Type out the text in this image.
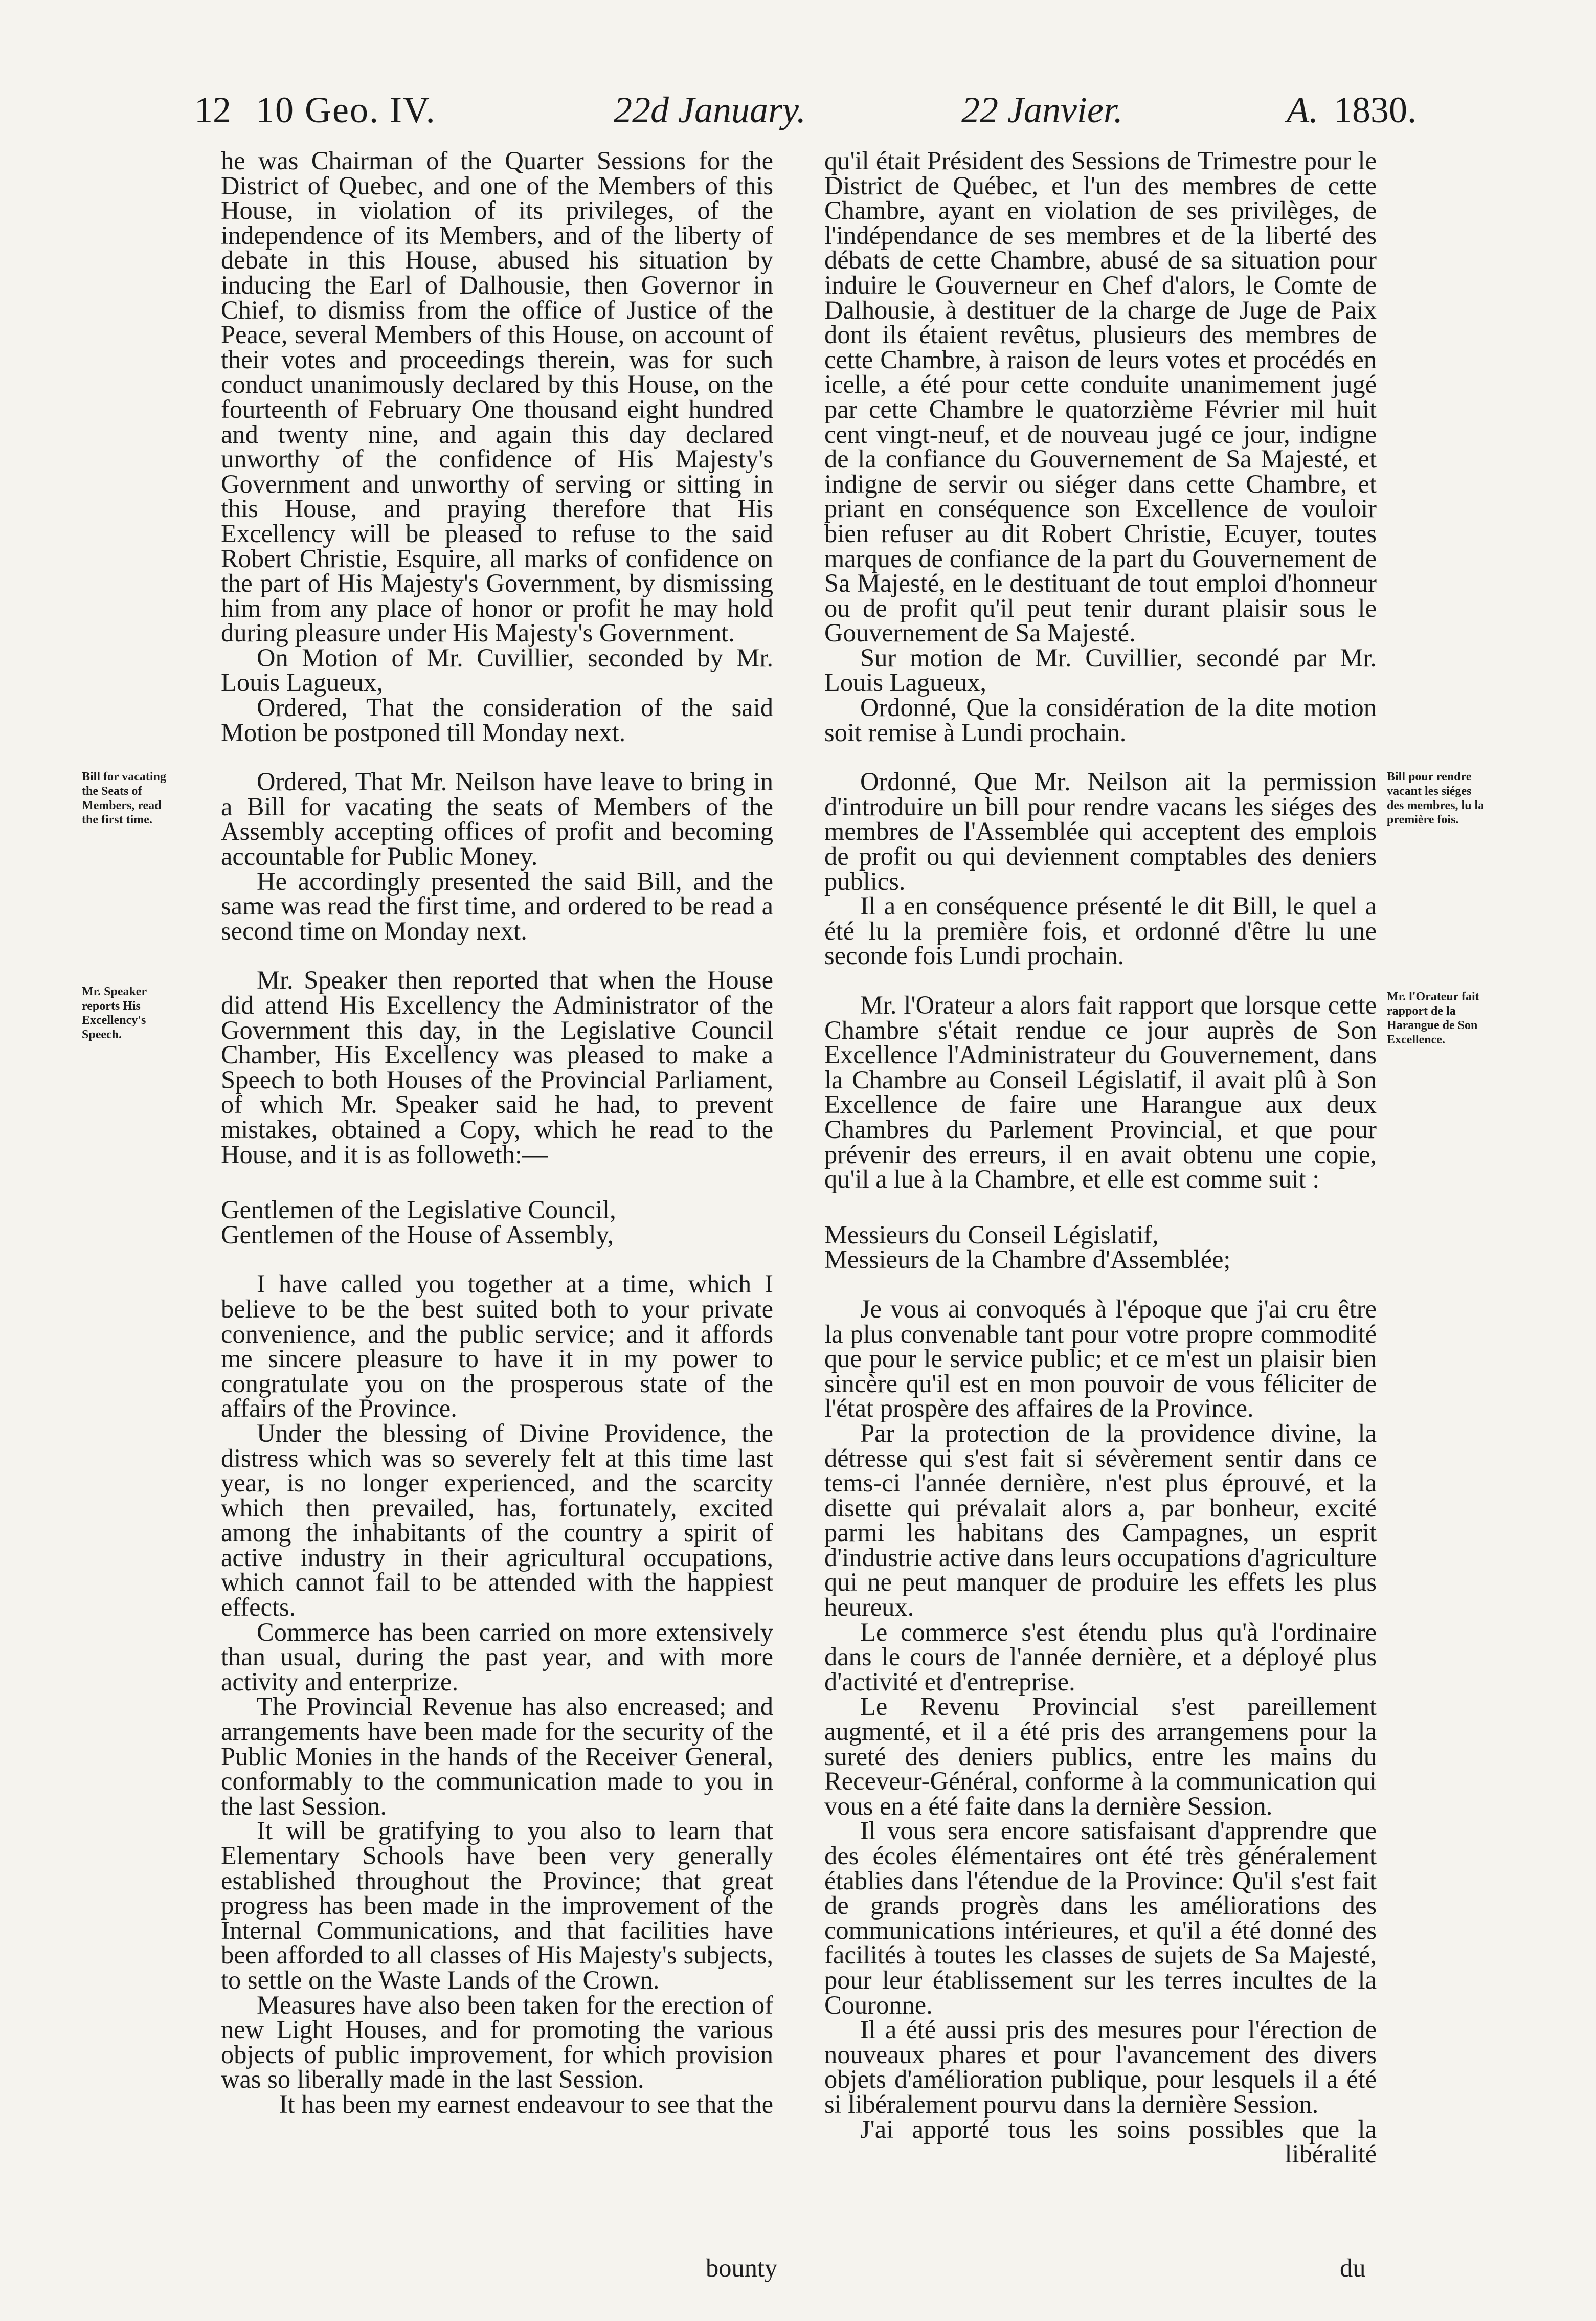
12 10 Geo. IV.	22d January.	22 Janvier.	A. 1830.

he was Chairman of the Quarter Sessions for the District of Quebec, and one of the Members of this House, in violation of its privileges, of the independence of its Members, and of the liberty of debate in this House, abused his situation by inducing the Earl of Dalhousie, then Governor in Chief, to dismiss from the office of Justice of the Peace, several Members of this House, on account of their votes and proceedings therein, was for such conduct unanimously declared by this House, on the fourteenth of February One thousand eight hundred and twenty nine, and again this day declared unworthy of the confidence of His Majesty's Government and unworthy of serving or sitting in this House, and praying therefore that His Excellency will be pleased to refuse to the said Robert Christie, Esquire, all marks of confidence on the part of His Majesty's Government, by dismissing him from any place of honor or profit he may hold during pleasure under His Majesty's Government.

On Motion of Mr. Cuvillier, seconded by Mr. Louis Lagueux,

Ordered, That the consideration of the said Motion be postponed till Monday next.

Ordered, That Mr. Neilson have leave to bring in a Bill for vacating the seats of Members of the Assembly accepting offices of profit and becoming accountable for Public Money.

He accordingly presented the said Bill, and the same was read the first time, and ordered to be read a second time on Monday next.

Mr. Speaker then reported that when the House did attend His Excellency the Administrator of the Government this day, in the Legislative Council Chamber, His Excellency was pleased to make a Speech to both Houses of the Provincial Parliament, of which Mr. Speaker said he had, to prevent mistakes, obtained a Copy, which he read to the House, and it is as followeth:—

Gentlemen of the Legislative Council,

Gentlemen of the House of Assembly,

I have called you together at a time, which I believe to be the best suited both to your private convenience, and the public service; and it affords me sincere pleasure to have it in my power to congratulate you on the prosperous state of the affairs of the Province.

Under the blessing of Divine Providence, the distress which was so severely felt at this time last year, is no longer experienced, and the scarcity which then prevailed, has, fortunately, excited among the inhabitants of the country a spirit of active industry in their agricultural occupations, which cannot fail to be attended with the happiest effects.

Commerce has been carried on more extensively than usual, during the past year, and with more activity and enterprize.

The Provincial Revenue has also encreased; and arrangements have been made for the security of the Public Monies in the hands of the Receiver General, conformably to the communication made to you in the last Session.

It will be gratifying to you also to learn that Elementary Schools have been very generally established throughout the Province; that great progress has been made in the improvement of the Internal Communications, and that facilities have been afforded to all classes of His Majesty's subjects, to settle on the Waste Lands of the Crown.

Measures have also been taken for the erection of new Light Houses, and for promoting the various objects of public improvement, for which provision was so liberally made in the last Session.

It has been my earnest endeavour to see that the

bounty

qu'il était Président des Sessions de Trimestre pour le District de Québec, et l'un des membres de cette Chambre, ayant en violation de ses privilèges, de l'indépendance de ses membres et de la liberté des débats de cette Chambre, abusé de sa situation pour induire le Gouverneur en Chef d'alors, le Comte de Dalhousie, à destituer de la charge de Juge de Paix dont ils étaient revêtus, plusieurs des membres de cette Chambre, à raison de leurs votes et procédés en icelle, a été pour cette conduite unanimement jugé par cette Chambre le quatorzième Février mil huit cent vingt-neuf, et de nouveau jugé ce jour, indigne de la confiance du Gouvernement de Sa Majesté, et indigne de servir ou siéger dans cette Chambre, et priant en conséquence son Excellence de vouloir bien refuser au dit Robert Christie, Ecuyer, toutes marques de confiance de la part du Gouvernement de Sa Majesté, en le destituant de tout emploi d'honneur ou de profit qu'il peut tenir durant plaisir sous le Gouvernement de Sa Majesté.

Sur motion de Mr. Cuvillier, secondé par Mr. Louis Lagueux,

Ordonné, Que la considération de la dite motion soit remise à Lundi prochain.

Ordonné, Que Mr. Neilson ait la permission d'introduire un bill pour rendre vacans les siéges des membres de l'Assemblée qui acceptent des emplois de profit ou qui deviennent comptables des deniers publics.

Il a en conséquence présenté le dit Bill, le quel a été lu la première fois, et ordonné d'être lu une seconde fois Lundi prochain.

Mr. l'Orateur a alors fait rapport que lorsque cette Chambre s'était rendue ce jour auprès de Son Excellence l'Administrateur du Gouvernement, dans la Chambre au Conseil Législatif, il avait plû à Son Excellence de faire une Harangue aux deux Chambres du Parlement Provincial, et que pour prévenir des erreurs, il en avait obtenu une copie, qu'il a lue à la Chambre, et elle est comme suit :

Messieurs du Conseil Législatif,

Messieurs de la Chambre d'Assemblée;

Je vous ai convoqués à l'époque que j'ai cru être la plus convenable tant pour votre propre commodité que pour le service public; et ce m'est un plaisir bien sincère qu'il est en mon pouvoir de vous féliciter de l'état prospère des affaires de la Province.

Par la protection de la providence divine, la détresse qui s'est fait si sévèrement sentir dans ce tems-ci l'année dernière, n'est plus éprouvé, et la disette qui prévalait alors a, par bonheur, excité parmi les habitans des Campagnes, un esprit d'industrie active dans leurs occupations d'agriculture qui ne peut manquer de produire les effets les plus heureux.

Le commerce s'est étendu plus qu'à l'ordinaire dans le cours de l'année dernière, et a déployé plus d'activité et d'entreprise.

Le Revenu Provincial s'est pareillement augmenté, et il a été pris des arrangemens pour la sureté des deniers publics, entre les mains du Receveur-Général, conforme à la communication qui vous en a été faite dans la dernière Session.

Il vous sera encore satisfaisant d'apprendre que des écoles élémentaires ont été très généralement établies dans l'étendue de la Province: Qu'il s'est fait de grands progrès dans les améliorations des communications intérieures, et qu'il a été donné des facilités à toutes les classes de sujets de Sa Majesté, pour leur établissement sur les terres incultes de la Couronne.

Il a été aussi pris des mesures pour l'érection de nouveaux phares et pour l'avancement des divers objets d'amélioration publique, pour lesquels il a été si libéralement pourvu dans la dernière Session.

J'ai apporté tous les soins possibles que la libéralité

du
Bill for vacating the Seats of Members, read the first time.
Mr. Speaker reports His Excellency's Speech.
Bill pour rendre vacant les siéges des membres, lu la première fois.
Mr. l'Orateur fait rapport de la Harangue de Son Excellence.
